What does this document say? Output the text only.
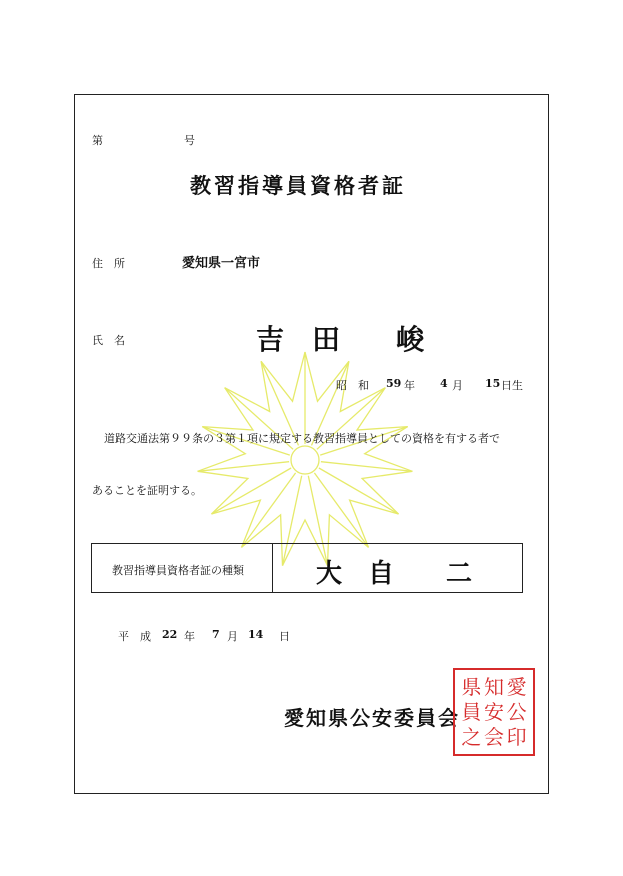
第	号
教習指導員資格者証
住　所	愛知県一宮市
氏　名	吉　田　　峻
昭　和 59 年 4 月 15 日生
道路交通法第９９条の３第１項に規定する教習指導員としての資格を有する者で
あることを証明する。
教習指導員資格者証の種類	大　自　　二
平　成 22 年 7 月 14 日
愛知県公安委員会
県 知 愛
員 安 公
之 会 印
